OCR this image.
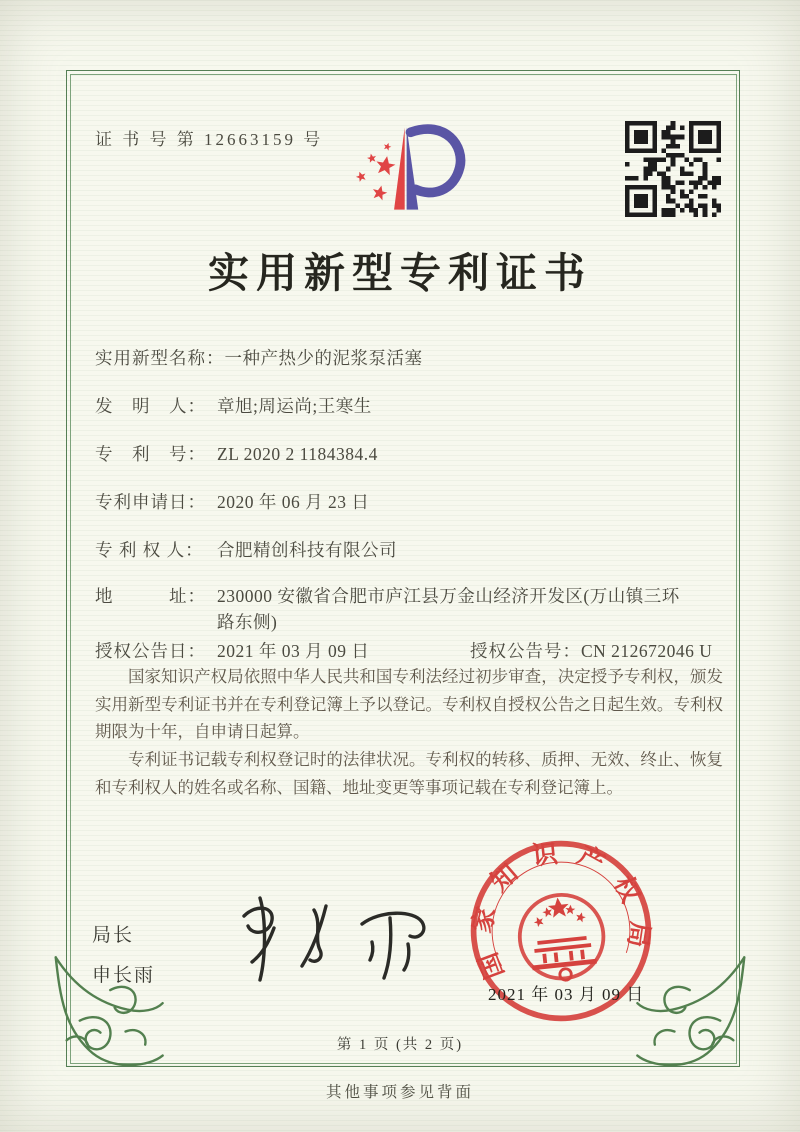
证 书 号 第 12663159 号
实用新型专利证书
实用新型名称：一种产热少的泥浆泵活塞
发　明　人： 章旭;周运尚;王寒生
专　利　号： ZL 2020 2 1184384.4
专利申请日： 2020 年 06 月 23 日
专 利 权 人： 合肥精创科技有限公司
地　　　址： 230000 安徽省合肥市庐江县万金山经济开发区(万山镇三环路东侧)
授权公告日： 2021 年 03 月 09 日	授权公告号：CN 212672046 U

国家知识产权局依照中华人民共和国专利法经过初步审查，决定授予专利权，颁发实用新型专利证书并在专利登记簿上予以登记。专利权自授权公告之日起生效。专利权期限为十年，自申请日起算。

专利证书记载专利权登记时的法律状况。专利权的转移、质押、无效、终止、恢复和专利权人的姓名或名称、国籍、地址变更等事项记载在专利登记簿上。

局长
申长雨	国家知识产权局
2021 年 03 月 09 日
第 1 页 (共 2 页)
其他事项参见背面
